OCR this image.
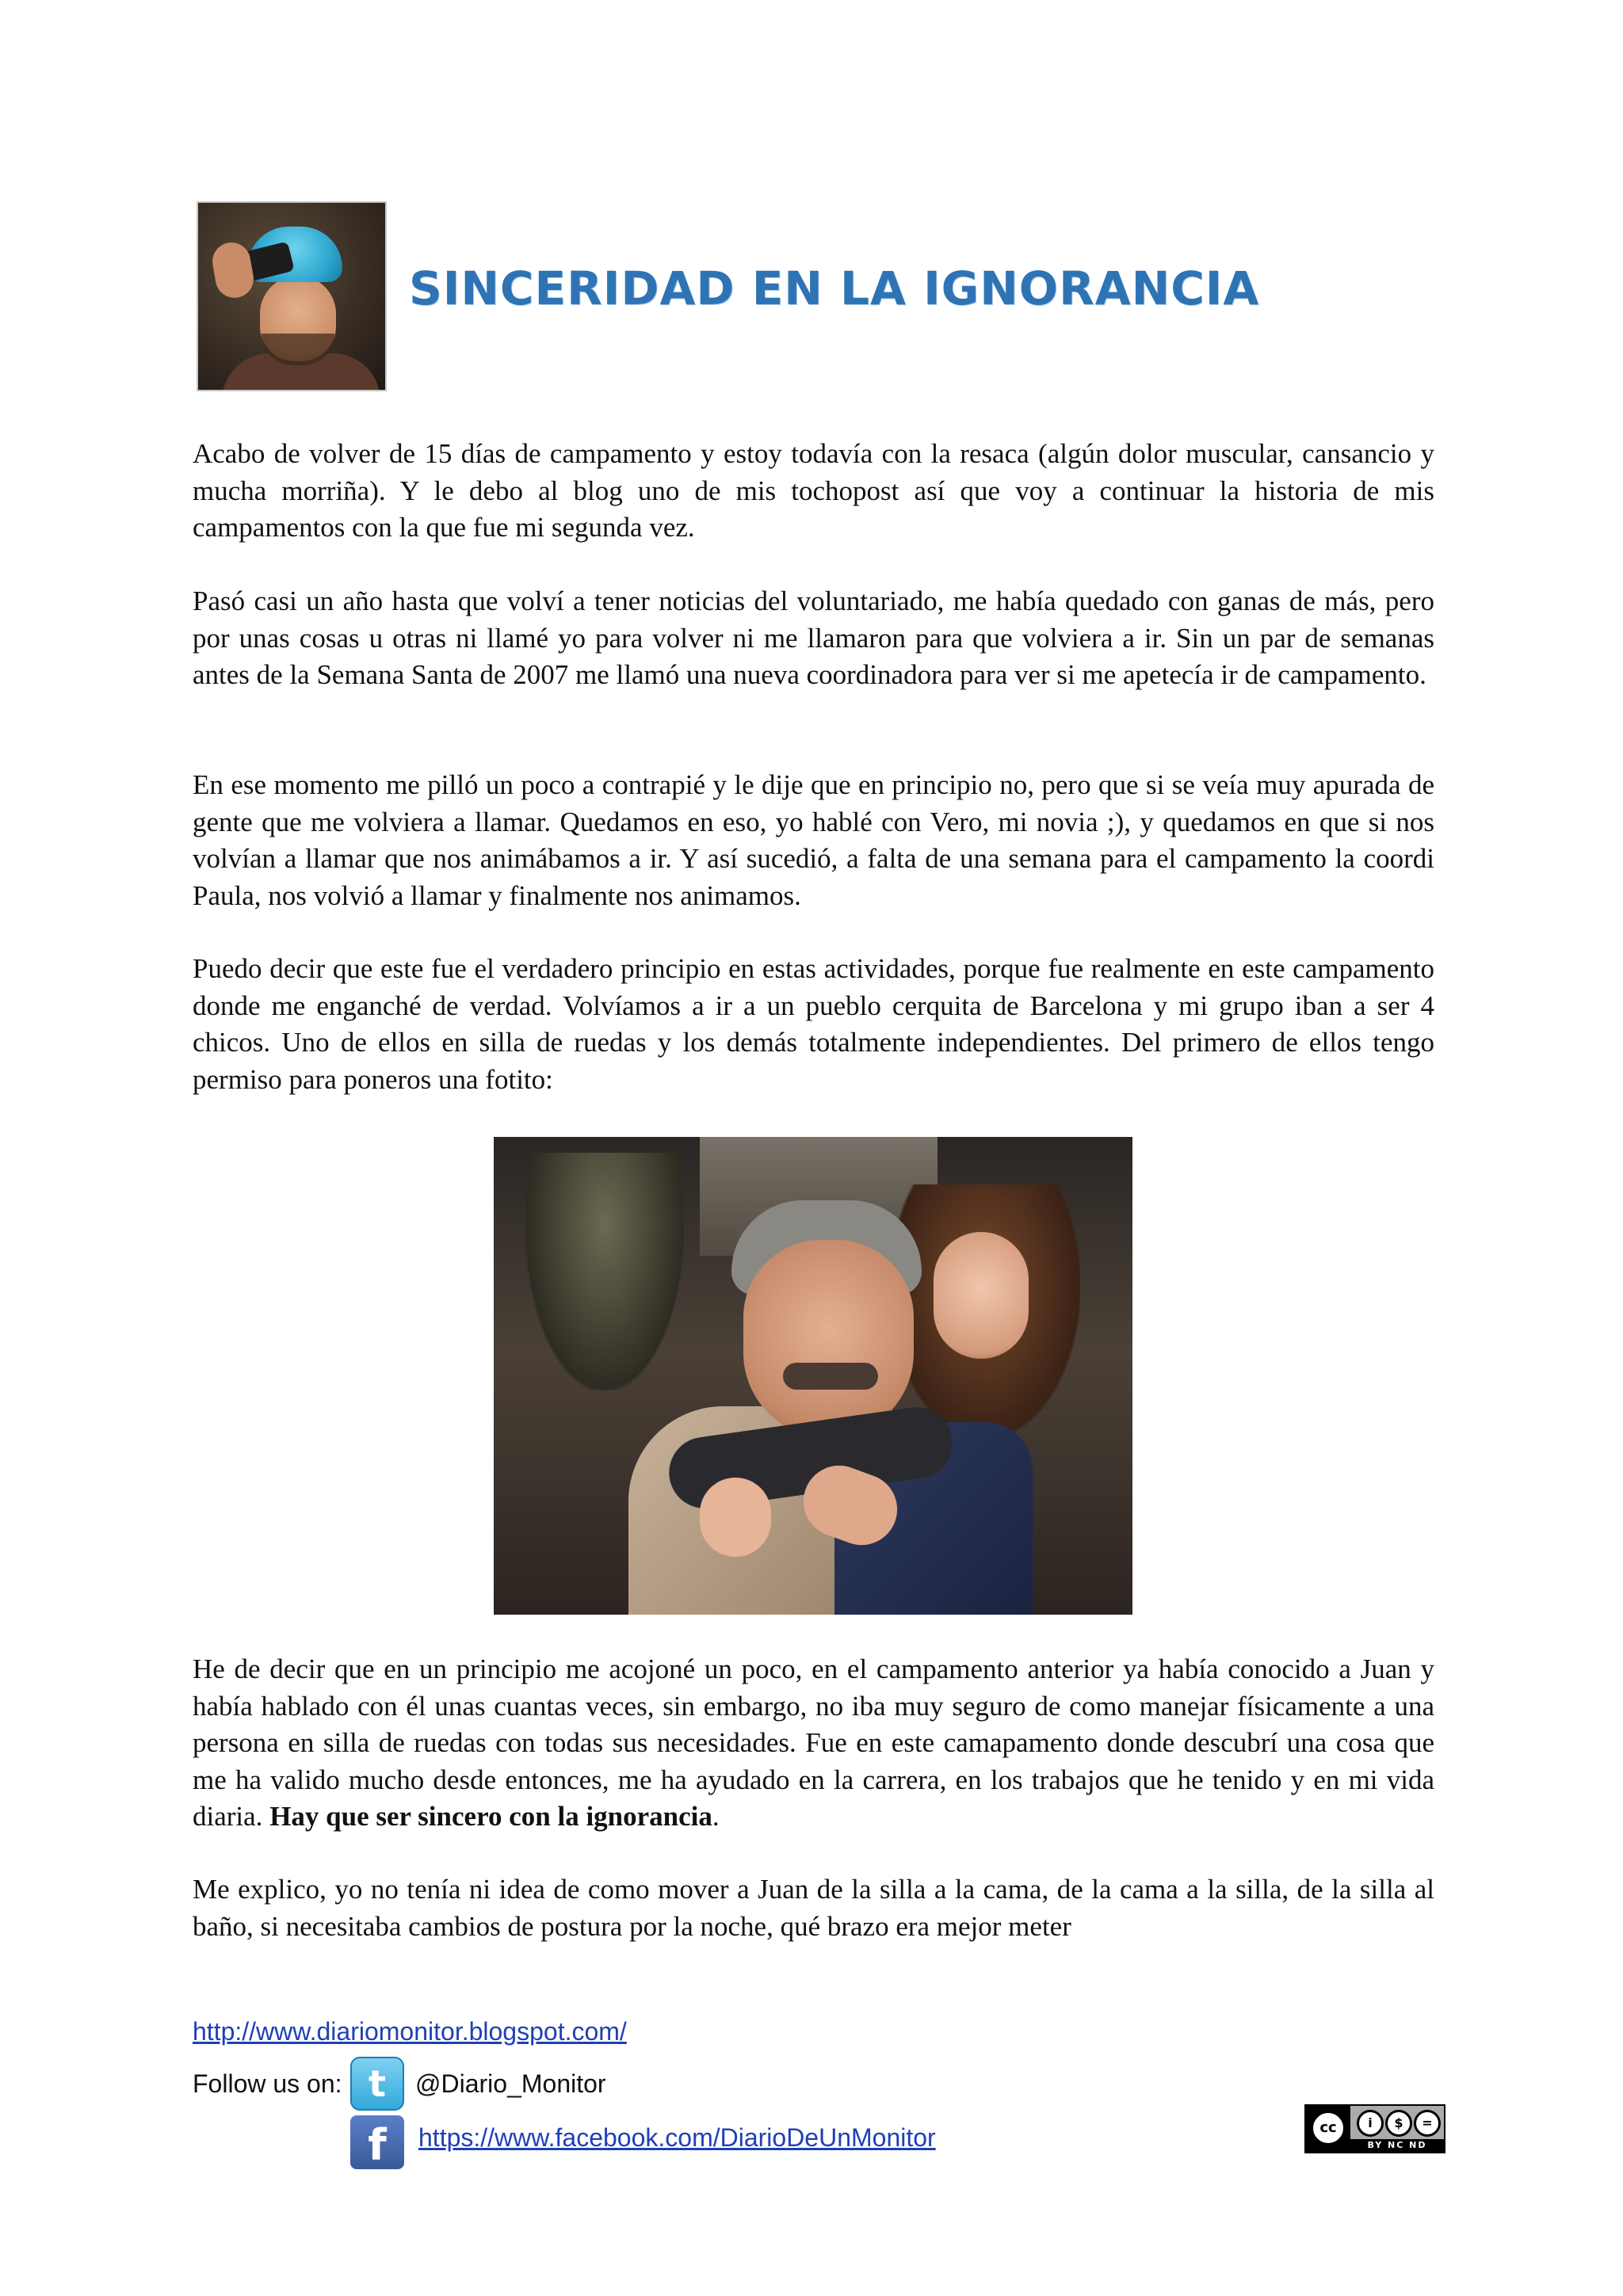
SINCERIDAD EN LA IGNORANCIA

Acabo de volver de 15 días de campamento y estoy todavía con la resaca (algún dolor muscular, cansancio y mucha morriña). Y le debo al blog uno de mis tochopost así que voy a continuar la historia de mis campamentos con la que fue mi segunda vez.

Pasó casi un año hasta que volví a tener noticias del voluntariado, me había quedado con ganas de más, pero por unas cosas u otras ni llamé yo para volver ni me llamaron para que volviera a ir. Sin un par de semanas antes de la Semana Santa de 2007 me llamó una nueva coordinadora para ver si me apetecía ir de campamento.

En ese momento me pilló un poco a contrapié y le dije que en principio no, pero que si se veía muy apurada de gente que me volviera a llamar. Quedamos en eso, yo hablé con Vero, mi novia ;), y quedamos en que si nos volvían a llamar que nos animábamos a ir. Y así sucedió, a falta de una semana para el campamento la coordi Paula, nos volvió a llamar y finalmente nos animamos.

Puedo decir que este fue el verdadero principio en estas actividades, porque fue realmente en este campamento donde me enganché de verdad. Volvíamos a ir a un pueblo cerquita de Barcelona y mi grupo iban a ser 4 chicos. Uno de ellos en silla de ruedas y los demás totalmente independientes. Del primero de ellos tengo permiso para poneros una fotito:

He de decir que en un principio me acojoné un poco, en el campamento anterior ya había conocido a Juan y había hablado con él unas cuantas veces, sin embargo, no iba muy seguro de como manejar físicamente a una persona en silla de ruedas con todas sus necesidades. Fue en este camapamento donde descubrí una cosa que me ha valido mucho desde entonces, me ha ayudado en la carrera, en los trabajos que he tenido y en mi vida diaria. Hay que ser sincero con la ignorancia.

Me explico, yo no tenía ni idea de como mover a Juan de la silla a la cama, de la cama a la silla, de la silla al baño, si necesitaba cambios de postura por la noche, qué brazo era mejor meter

http://www.diariomonitor.blogspot.com/

Follow us on: t	@Diario_Monitor

f	https://www.facebook.com/DiarioDeUnMonitor	cc	i	$	=
BY NC ND
